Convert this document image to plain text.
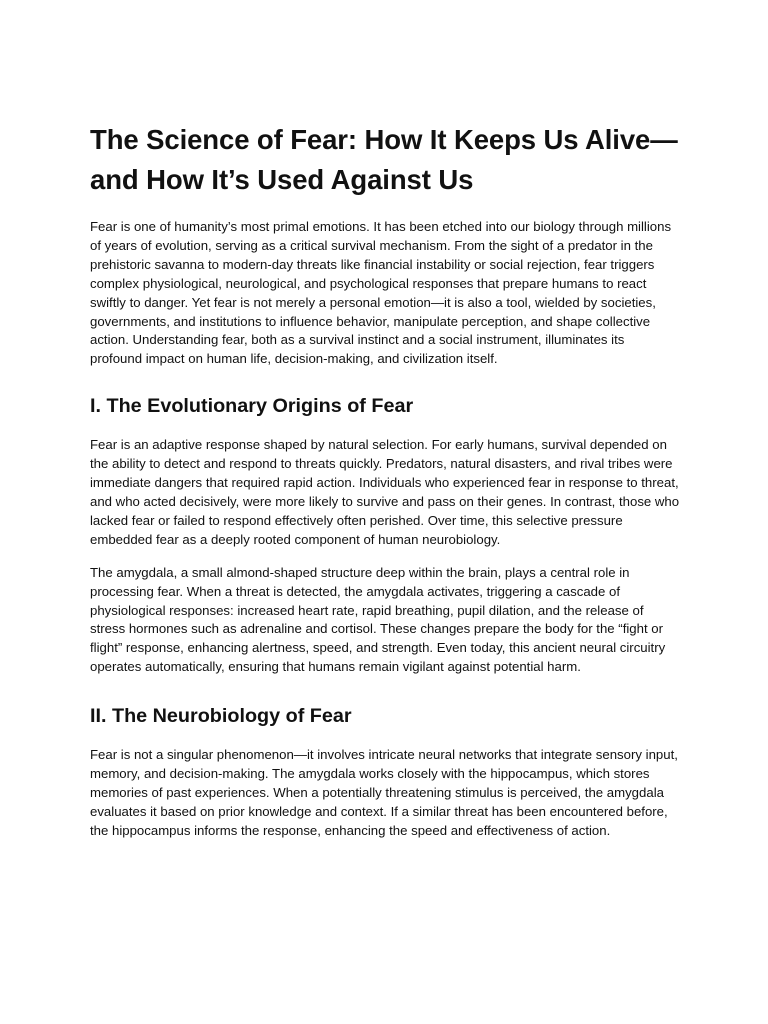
The Science of Fear: How It Keeps Us Alive—and How It’s Used Against Us

Fear is one of humanity’s most primal emotions. It has been etched into our biology through millions of years of evolution, serving as a critical survival mechanism. From the sight of a predator in the prehistoric savanna to modern-day threats like financial instability or social rejection, fear triggers complex physiological, neurological, and psychological responses that prepare humans to react swiftly to danger. Yet fear is not merely a personal emotion—it is also a tool, wielded by societies, governments, and institutions to influence behavior, manipulate perception, and shape collective action. Understanding fear, both as a survival instinct and a social instrument, illuminates its profound impact on human life, decision-making, and civilization itself.

I. The Evolutionary Origins of Fear

Fear is an adaptive response shaped by natural selection. For early humans, survival depended on the ability to detect and respond to threats quickly. Predators, natural disasters, and rival tribes were immediate dangers that required rapid action. Individuals who experienced fear in response to threat, and who acted decisively, were more likely to survive and pass on their genes. In contrast, those who lacked fear or failed to respond effectively often perished. Over time, this selective pressure embedded fear as a deeply rooted component of human neurobiology.

The amygdala, a small almond-shaped structure deep within the brain, plays a central role in processing fear. When a threat is detected, the amygdala activates, triggering a cascade of physiological responses: increased heart rate, rapid breathing, pupil dilation, and the release of stress hormones such as adrenaline and cortisol. These changes prepare the body for the “fight or flight” response, enhancing alertness, speed, and strength. Even today, this ancient neural circuitry operates automatically, ensuring that humans remain vigilant against potential harm.

II. The Neurobiology of Fear

Fear is not a singular phenomenon—it involves intricate neural networks that integrate sensory input, memory, and decision-making. The amygdala works closely with the hippocampus, which stores memories of past experiences. When a potentially threatening stimulus is perceived, the amygdala evaluates it based on prior knowledge and context. If a similar threat has been encountered before, the hippocampus informs the response, enhancing the speed and effectiveness of action.
